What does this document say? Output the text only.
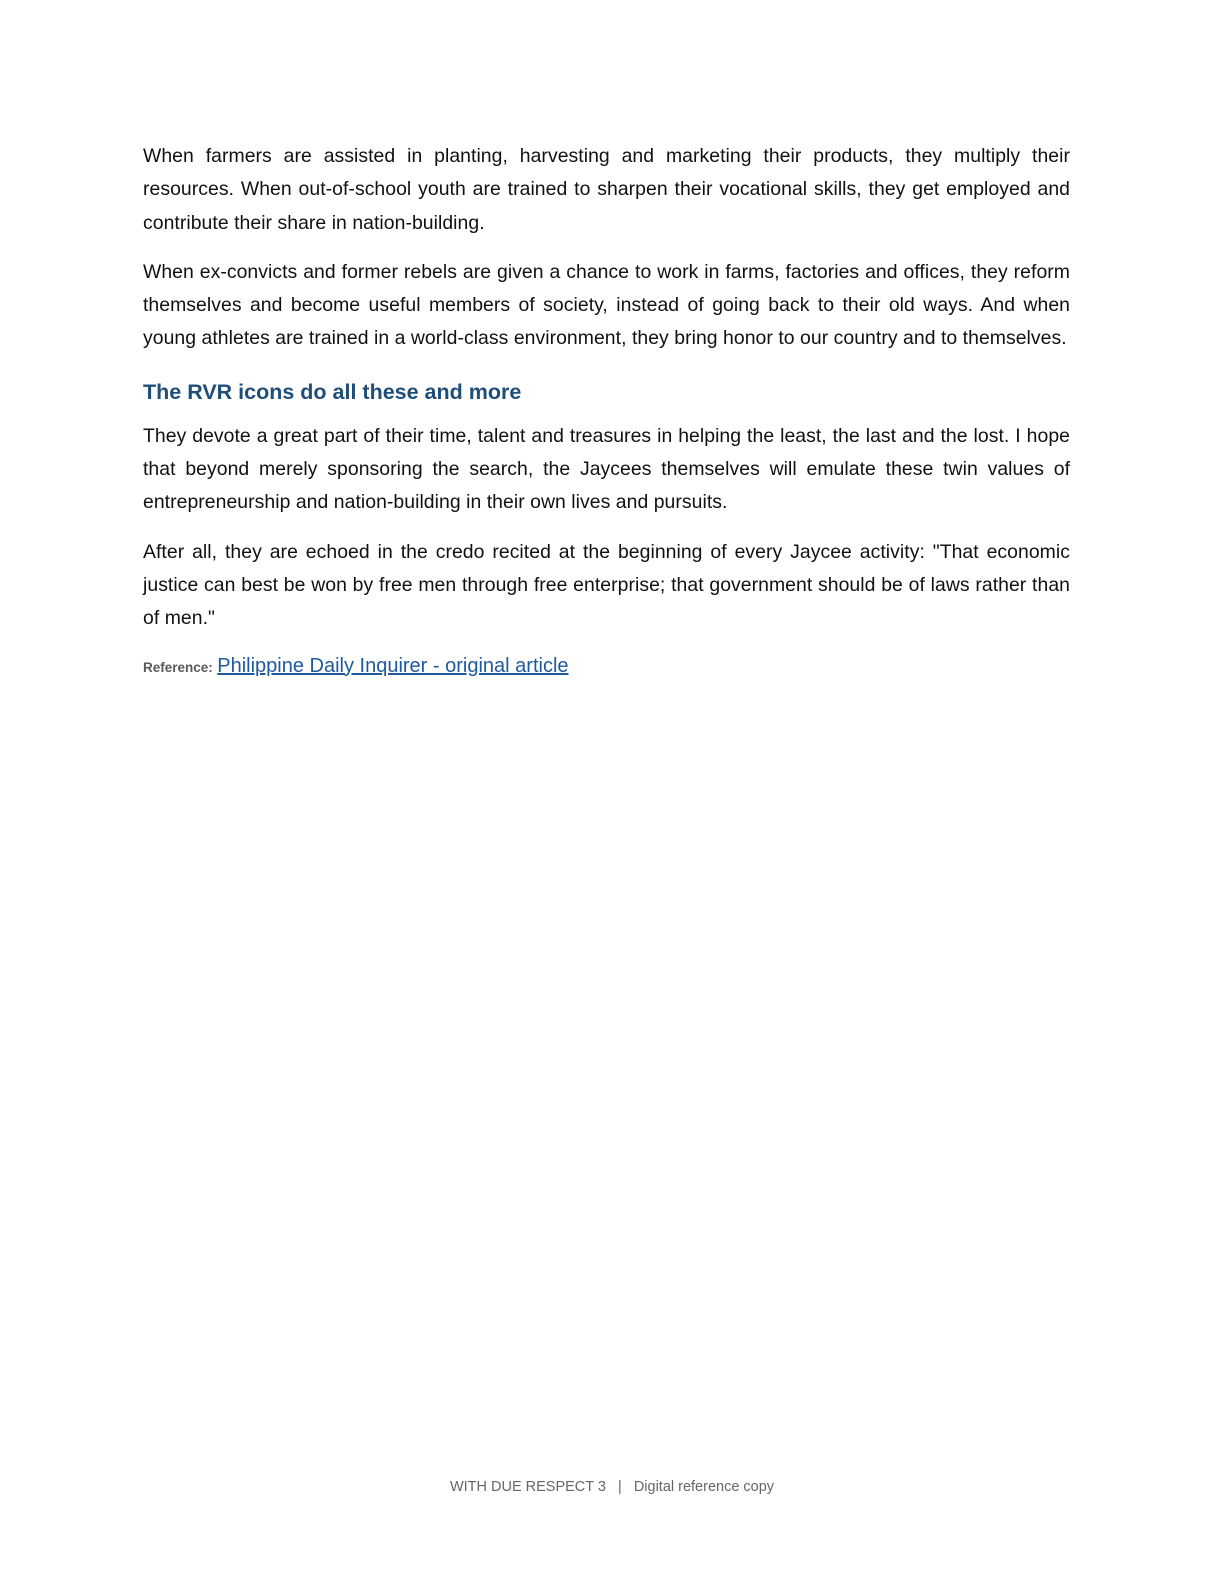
When farmers are assisted in planting, harvesting and marketing their products, they multiply their resources. When out-of-school youth are trained to sharpen their vocational skills, they get employed and contribute their share in nation-building.

When ex-convicts and former rebels are given a chance to work in farms, factories and offices, they reform themselves and become useful members of society, instead of going back to their old ways. And when young athletes are trained in a world-class environment, they bring honor to our country and to themselves.

The RVR icons do all these and more

They devote a great part of their time, talent and treasures in helping the least, the last and the lost. I hope that beyond merely sponsoring the search, the Jaycees themselves will emulate these twin values of entrepreneurship and nation-building in their own lives and pursuits.

After all, they are echoed in the credo recited at the beginning of every Jaycee activity: "That economic justice can best be won by free men through free enterprise; that government should be of laws rather than of men."

Reference: Philippine Daily Inquirer - original article
WITH DUE RESPECT 3 | Digital reference copy
